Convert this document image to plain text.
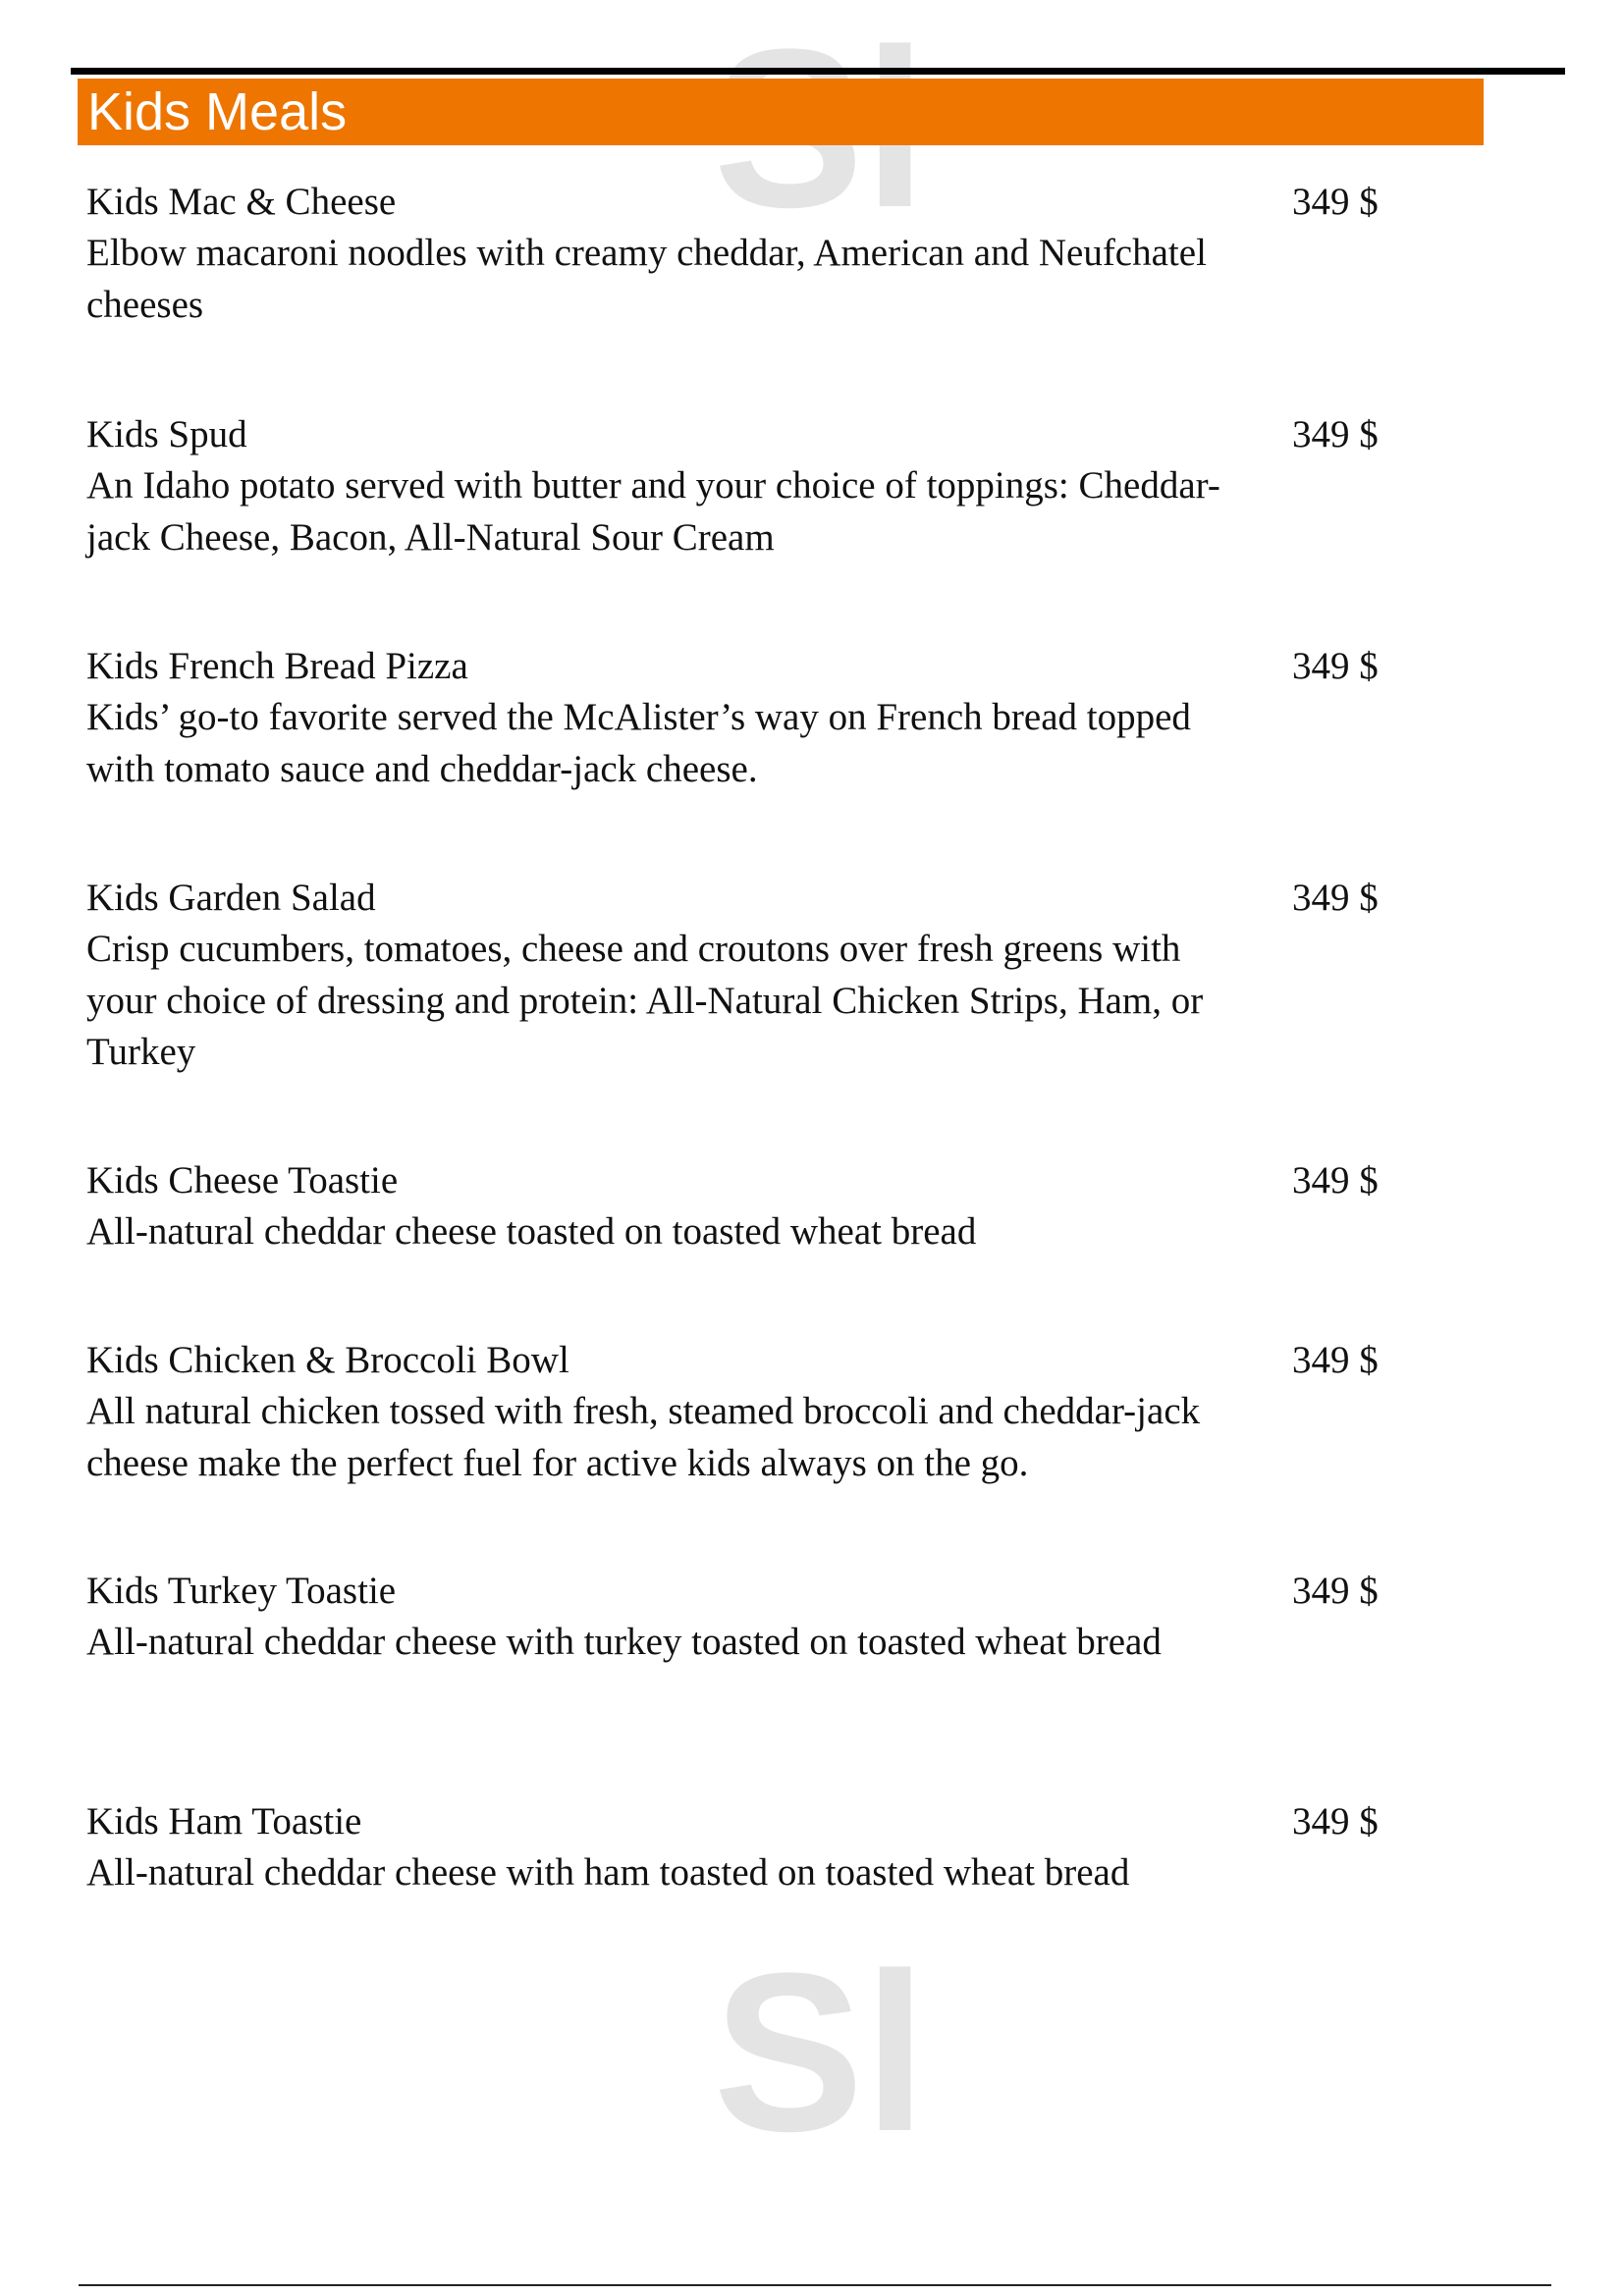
Sl
Sl
Kids Meals
Kids Mac & Cheese
Elbow macaroni noodles with creamy cheddar, American and Neufchatel cheeses
349 $
Kids Spud
An Idaho potato served with butter and your choice of toppings: Cheddar-jack Cheese, Bacon, All-Natural Sour Cream
349 $
Kids French Bread Pizza
Kids’ go-to favorite served the McAlister’s way on French bread topped with tomato sauce and cheddar-jack cheese.
349 $
Kids Garden Salad
Crisp cucumbers, tomatoes, cheese and croutons over fresh greens with your choice of dressing and protein: All-Natural Chicken Strips, Ham, or Turkey
349 $
Kids Cheese Toastie
All-natural cheddar cheese toasted on toasted wheat bread
349 $
Kids Chicken & Broccoli Bowl
All natural chicken tossed with fresh, steamed broccoli and cheddar-jack cheese make the perfect fuel for active kids always on the go.
349 $
Kids Turkey Toastie
All-natural cheddar cheese with turkey toasted on toasted wheat bread
349 $
Kids Ham Toastie
All-natural cheddar cheese with ham toasted on toasted wheat bread
349 $
